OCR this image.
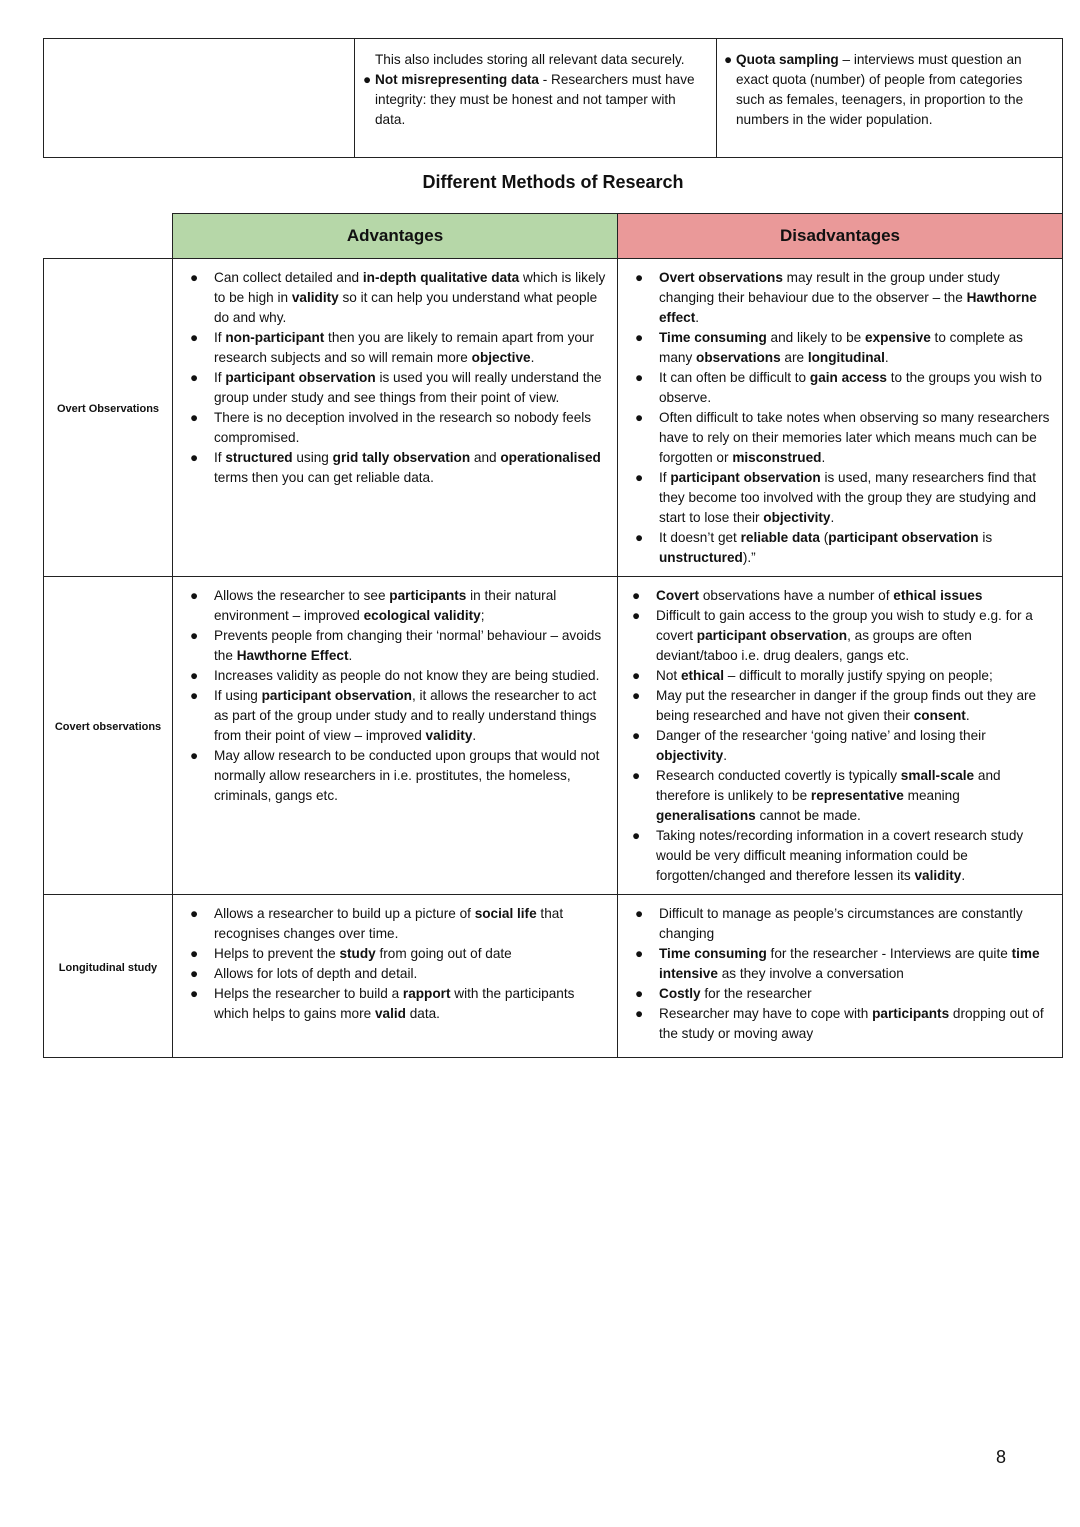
This also includes storing all relevant data securely.
● Not misrepresenting data - Researchers must have integrity: they must be honest and not tamper with data.
● Quota sampling – interviews must question an exact quota (number) of people from categories such as females, teenagers, in proportion to the numbers in the wider population.
Different Methods of Research
Advantages	Disadvantages
Overt Observations
● Can collect detailed and in-depth qualitative data which is likely to be high in validity so it can help you understand what people do and why.
● If non-participant then you are likely to remain apart from your research subjects and so will remain more objective.
● If participant observation is used you will really understand the group under study and see things from their point of view.
● There is no deception involved in the research so nobody feels compromised.
● If structured using grid tally observation and operationalised terms then you can get reliable data.
● Overt observations may result in the group under study changing their behaviour due to the observer – the Hawthorne effect.
● Time consuming and likely to be expensive to complete as many observations are longitudinal.
● It can often be difficult to gain access to the groups you wish to observe.
● Often difficult to take notes when observing so many researchers have to rely on their memories later which means much can be forgotten or misconstrued.
● If participant observation is used, many researchers find that they become too involved with the group they are studying and start to lose their objectivity.
● It doesn’t get reliable data (participant observation is unstructured).”
Covert observations
● Allows the researcher to see participants in their natural environment – improved ecological validity;
● Prevents people from changing their ‘normal’ behaviour – avoids the Hawthorne Effect.
● Increases validity as people do not know they are being studied.
● If using participant observation, it allows the researcher to act as part of the group under study and to really understand things from their point of view – improved validity.
● May allow research to be conducted upon groups that would not normally allow researchers in i.e. prostitutes, the homeless, criminals, gangs etc.
● Covert observations have a number of ethical issues
● Difficult to gain access to the group you wish to study e.g. for a covert participant observation, as groups are often deviant/taboo i.e. drug dealers, gangs etc.
● Not ethical – difficult to morally justify spying on people;
● May put the researcher in danger if the group finds out they are being researched and have not given their consent.
● Danger of the researcher ‘going native’ and losing their objectivity.
● Research conducted covertly is typically small-scale and therefore is unlikely to be representative meaning generalisations cannot be made.
● Taking notes/recording information in a covert research study would be very difficult meaning information could be forgotten/changed and therefore lessen its validity.
Longitudinal study
● Allows a researcher to build up a picture of social life that recognises changes over time.
● Helps to prevent the study from going out of date
● Allows for lots of depth and detail.
● Helps the researcher to build a rapport with the participants which helps to gains more valid data.
● Difficult to manage as people’s circumstances are constantly changing
● Time consuming for the researcher - Interviews are quite time intensive as they involve a conversation
● Costly for the researcher
● Researcher may have to cope with participants dropping out of the study or moving away
8
